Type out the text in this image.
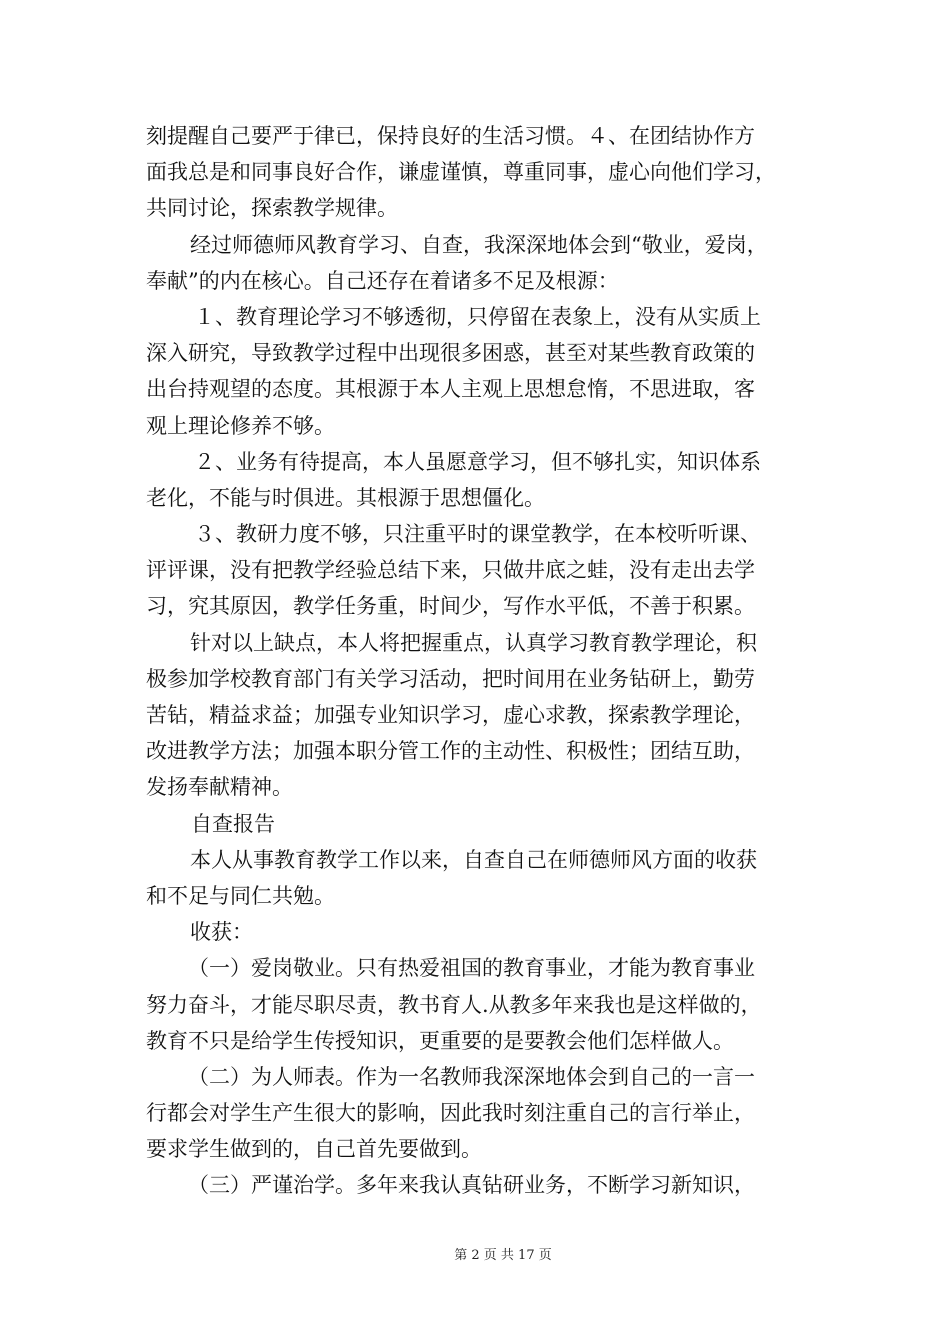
刻提醒自己要严于律已，保持良好的生活习惯。４、在团结协作方
面我总是和同事良好合作，谦虚谨慎，尊重同事，虚心向他们学习，
共同讨论，探索教学规律。
经过师德师风教育学习、自查，我深深地体会到“敬业，爱岗，
奉献”的内在核心。自己还存在着诸多不足及根源：
１、教育理论学习不够透彻，只停留在表象上，没有从实质上
深入研究，导致教学过程中出现很多困惑，甚至对某些教育政策的
出台持观望的态度。其根源于本人主观上思想怠惰，不思进取，客
观上理论修养不够。
２、业务有待提高，本人虽愿意学习，但不够扎实，知识体系
老化，不能与时俱进。其根源于思想僵化。
３、教研力度不够，只注重平时的课堂教学，在本校听听课、
评评课，没有把教学经验总结下来，只做井底之蛙，没有走出去学
习，究其原因，教学任务重，时间少，写作水平低，不善于积累。
针对以上缺点，本人将把握重点，认真学习教育教学理论，积
极参加学校教育部门有关学习活动，把时间用在业务钻研上，勤劳
苦钻，精益求益；加强专业知识学习，虚心求教，探索教学理论，
改进教学方法；加强本职分管工作的主动性、积极性；团结互助，
发扬奉献精神。
自查报告
本人从事教育教学工作以来，自查自己在师德师风方面的收获
和不足与同仁共勉。
收获：
（一）爱岗敬业。只有热爱祖国的教育事业，才能为教育事业
努力奋斗，才能尽职尽责，教书育人.从教多年来我也是这样做的，
教育不只是给学生传授知识，更重要的是要教会他们怎样做人。
（二）为人师表。作为一名教师我深深地体会到自己的一言一
行都会对学生产生很大的影响，因此我时刻注重自己的言行举止，
要求学生做到的，自己首先要做到。
（三）严谨治学。多年来我认真钻研业务，不断学习新知识，
第 2 页 共 17 页
